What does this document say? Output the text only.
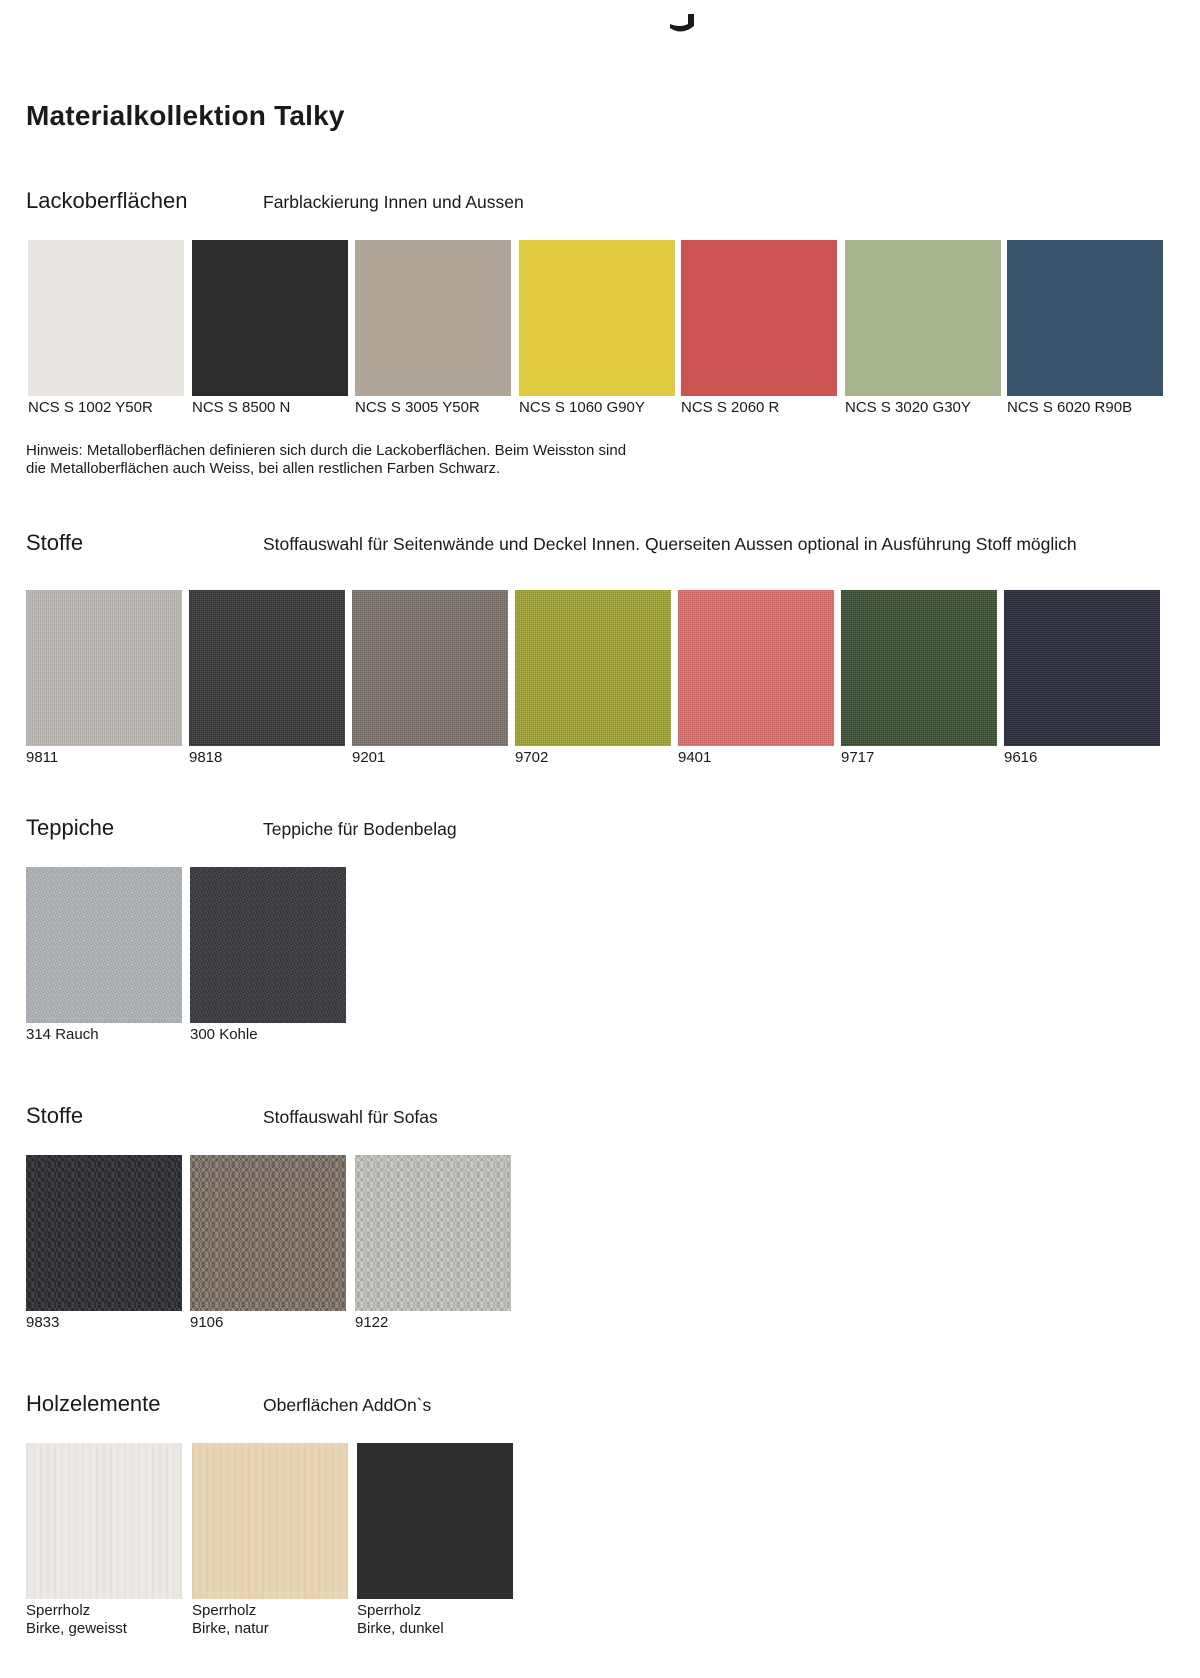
Materialkollektion Talky
Lackoberflächen	Farblackierung Innen und Aussen
NCS S 1002 Y50R	NCS S 8500 N	NCS S 3005 Y50R	NCS S 1060 G90Y	NCS S 2060 R	NCS S 3020 G30Y	NCS S 6020 R90B

Hinweis: Metalloberflächen definieren sich durch die Lackoberflächen. Beim Weisston sind
die Metalloberflächen auch Weiss, bei allen restlichen Farben Schwarz.

Stoffe	Stoffauswahl für Seitenwände und Deckel Innen. Querseiten Aussen optional in Ausführung Stoff möglich
9811	9818	9201	9702	9401	9717	9616
Teppiche	Teppiche für Bodenbelag
314 Rauch	300 Kohle
Stoffe	Stoffauswahl für Sofas
9833	9106	9122
Holzelemente	Oberflächen AddOn`s
Sperrholz
Birke, geweisst
Sperrholz
Birke, natur
Sperrholz
Birke, dunkel
